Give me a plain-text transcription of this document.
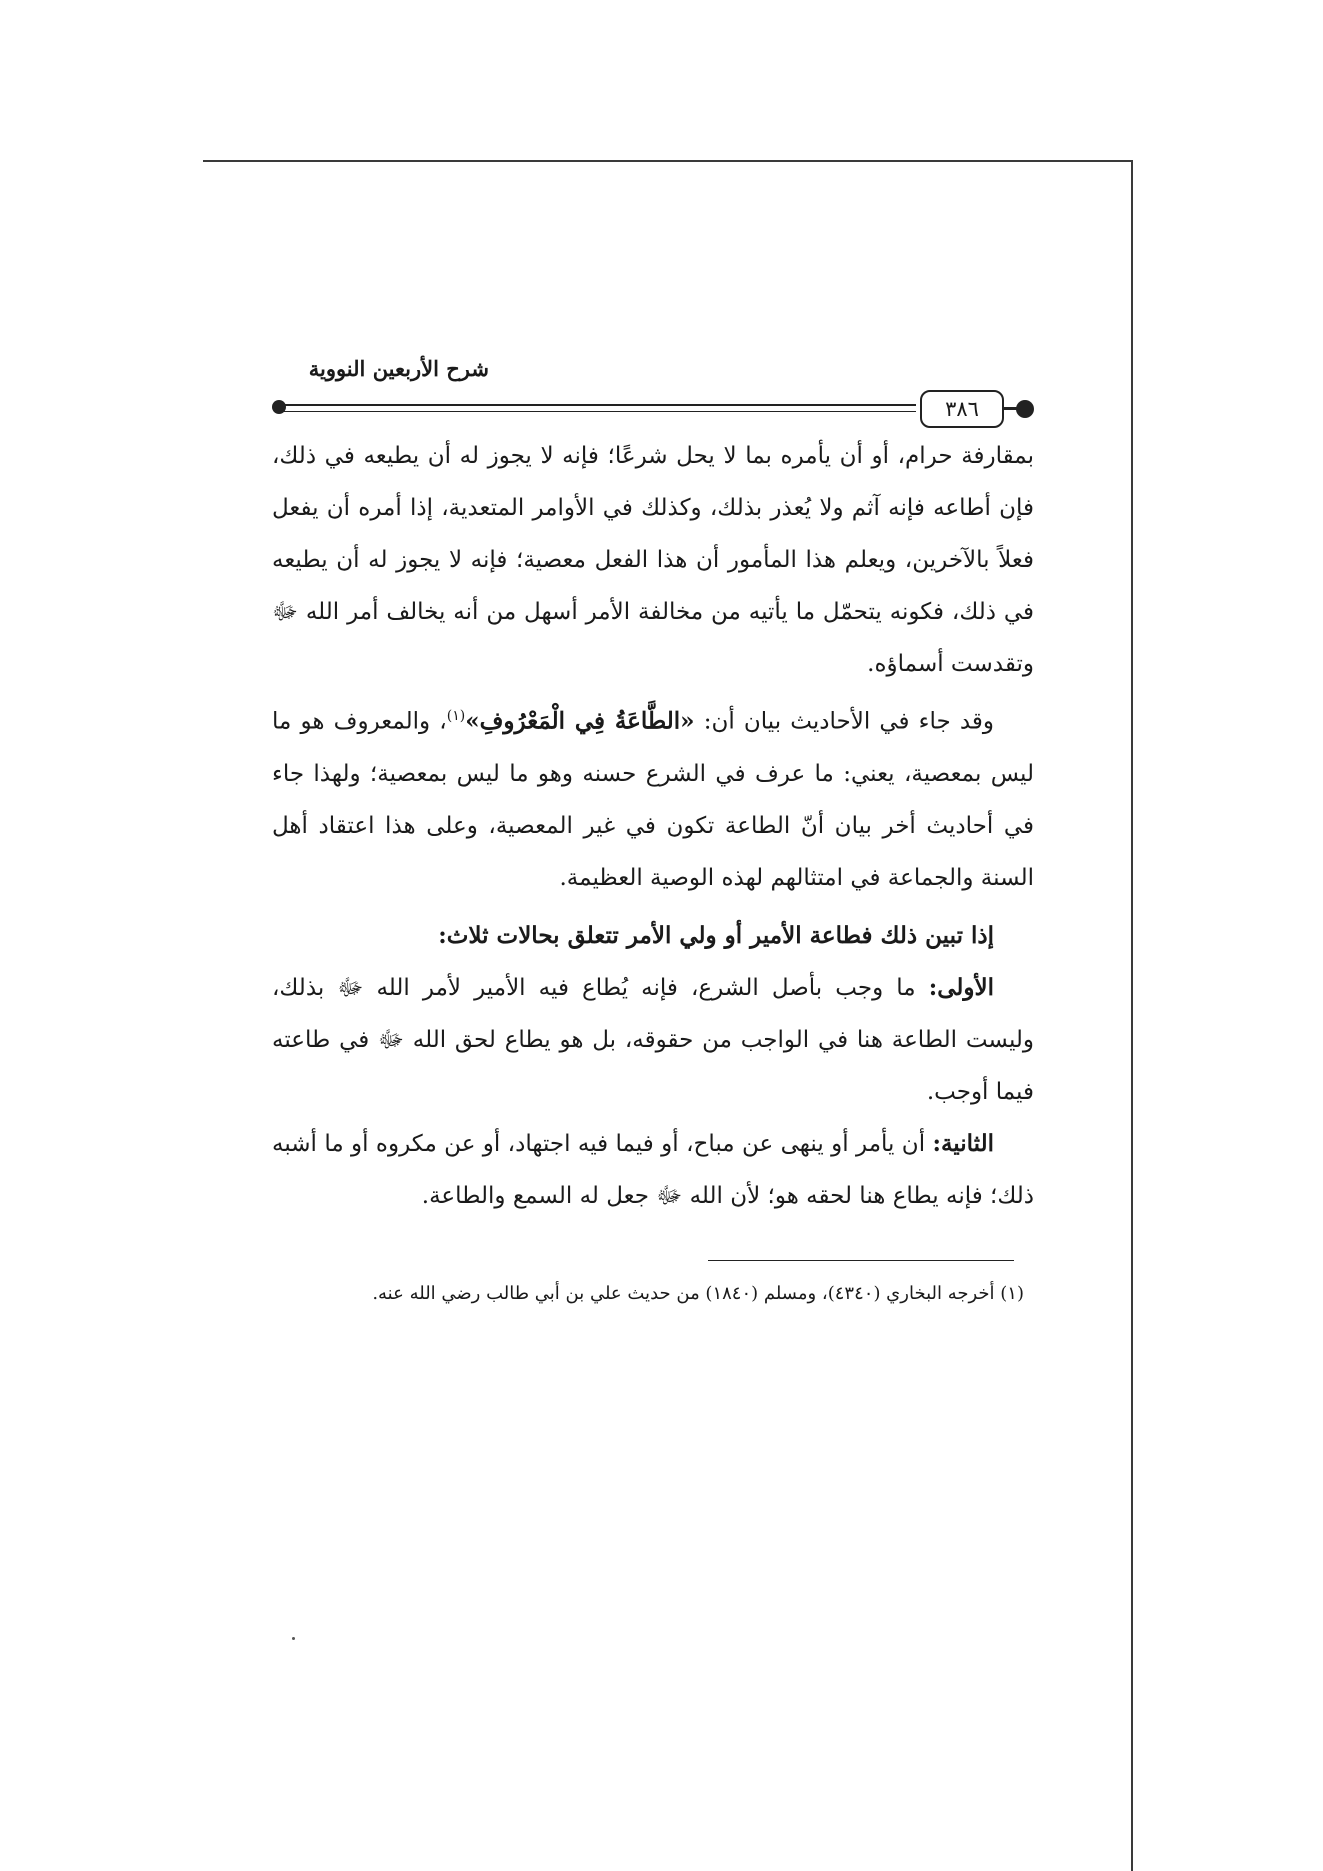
شرح الأربعين النووية
٣٨٦

بمقارفة حرام، أو أن يأمره بما لا يحل شرعًا؛ فإنه لا يجوز له أن يطيعه في ذلك، فإن أطاعه فإنه آثم ولا يُعذر بذلك، وكذلك في الأوامر المتعدية، إذا أمره أن يفعل فعلاً بالآخرين، ويعلم هذا المأمور أن هذا الفعل معصية؛ فإنه لا يجوز له أن يطيعه في ذلك، فكونه يتحمّل ما يأتيه من مخالفة الأمر أسهل من أنه يخالف أمر الله ﷻ وتقدست أسماؤه.

وقد جاء في الأحاديث بيان أن: «الطَّاعَةُ فِي الْمَعْرُوفِ»$^{(١)}$، والمعروف هو ما ليس بمعصية، يعني: ما عرف في الشرع حسنه وهو ما ليس بمعصية؛ ولهذا جاء في أحاديث أخر بيان أنّ الطاعة تكون في غير المعصية، وعلى هذا اعتقاد أهل السنة والجماعة في امتثالهم لهذه الوصية العظيمة.

إذا تبين ذلك فطاعة الأمير أو ولي الأمر تتعلق بحالات ثلاث:

الأولى: ما وجب بأصل الشرع، فإنه يُطاع فيه الأمير لأمر الله ﷻ بذلك، وليست الطاعة هنا في الواجب من حقوقه، بل هو يطاع لحق الله ﷻ في طاعته فيما أوجب.

الثانية: أن يأمر أو ينهى عن مباح، أو فيما فيه اجتهاد، أو عن مكروه أو ما أشبه ذلك؛ فإنه يطاع هنا لحقه هو؛ لأن الله ﷻ جعل له السمع والطاعة.

(١) أخرجه البخاري (٤٣٤٠)، ومسلم (١٨٤٠) من حديث علي بن أبي طالب رضي الله عنه.
